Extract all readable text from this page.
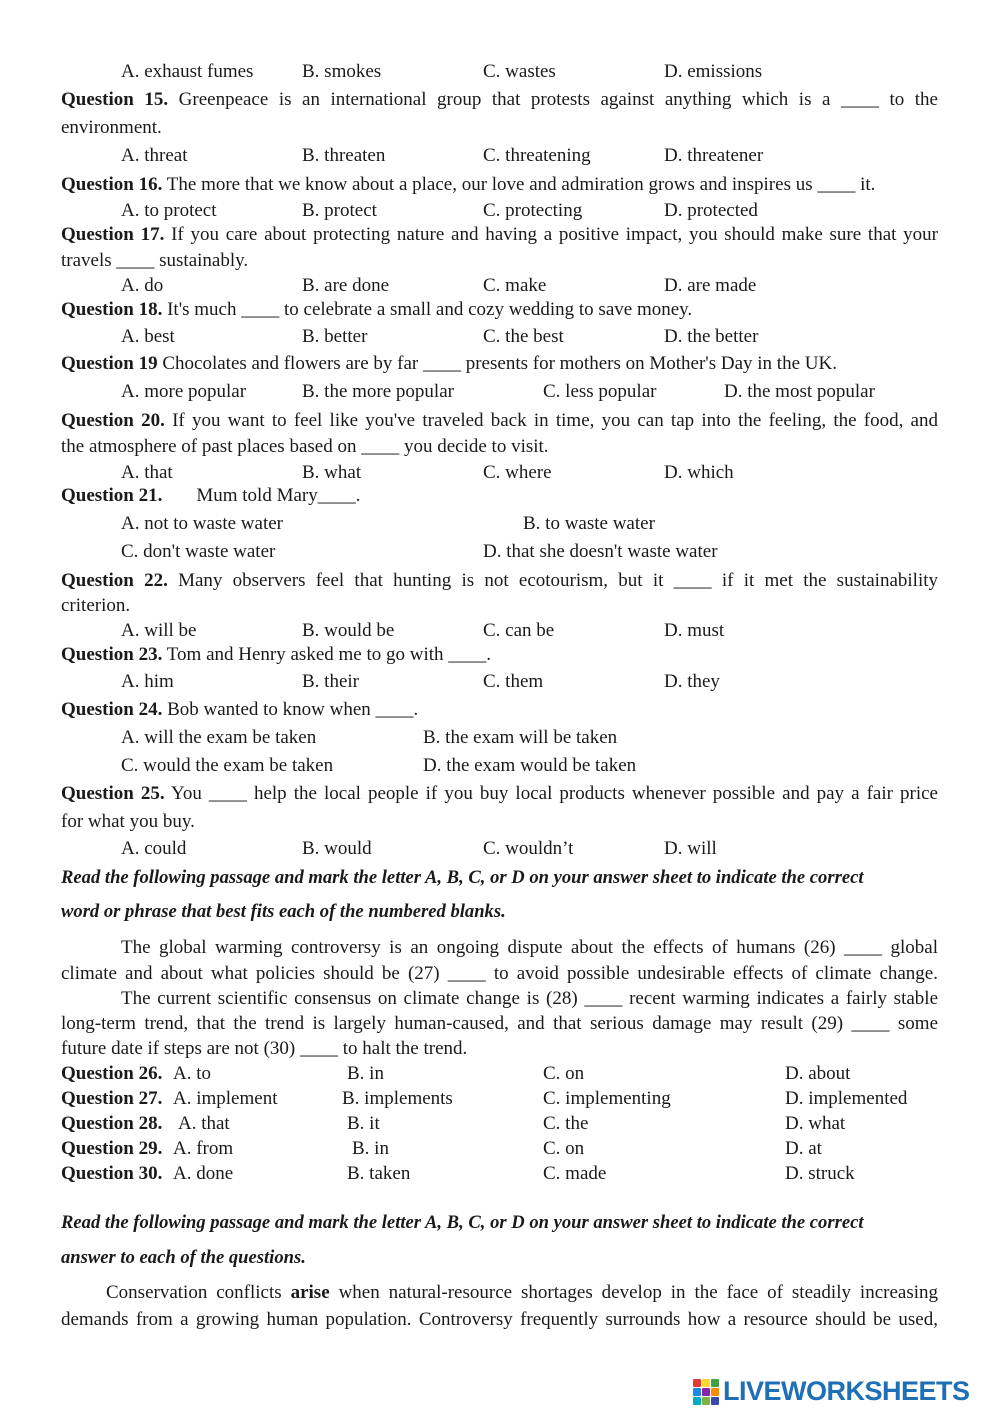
A. exhaust fumes	B. smokes	C. wastes	D. emissions
Question 15. Greenpeace is an international group that protests against anything which is a ____ to the
environment.
A. threat	B. threaten	C. threatening	D. threatener
Question 16. The more that we know about a place, our love and admiration grows and inspires us ____ it.
A. to protect	B. protect	C. protecting	D. protected
Question 17. If you care about protecting nature and having a positive impact, you should make sure that your
travels ____ sustainably.
A. do	B. are done	C. make	D. are made
Question 18. It's much ____ to celebrate a small and cozy wedding to save money.
A. best	B. better	C. the best	D. the better
Question 19 Chocolates and flowers are by far ____ presents for mothers on Mother's Day in the UK.
A. more popular	B. the more popular	C. less popular	D. the most popular
Question 20. If you want to feel like you've traveled back in time, you can tap into the feeling, the food, and
the atmosphere of past places based on ____ you decide to visit.
A. that	B. what	C. where	D. which
Question 21. Mum told Mary____.
A. not to waste water	B. to waste water
C. don't waste water	D. that she doesn't waste water
Question 22. Many observers feel that hunting is not ecotourism, but it ____ if it met the sustainability
criterion.
A. will be	B. would be	C. can be	D. must
Question 23. Tom and Henry asked me to go with ____.
A. him	B. their	C. them	D. they
Question 24. Bob wanted to know when ____.
A. will the exam be taken	B. the exam will be taken
C. would the exam be taken	D. the exam would be taken
Question 25. You ____ help the local people if you buy local products whenever possible and pay a fair price
for what you buy.
A. could	B. would	C. wouldn’t	D. will
Read the following passage and mark the letter A, B, C, or D on your answer sheet to indicate the correct
word or phrase that best fits each of the numbered blanks.
The global warming controversy is an ongoing dispute about the effects of humans (26) ____ global
climate and about what policies should be (27) ____ to avoid possible undesirable effects of climate change.
The current scientific consensus on climate change is (28) ____ recent warming indicates a fairly stable
long-term trend, that the trend is largely human-caused, and that serious damage may result (29) ____ some
future date if steps are not (30) ____ to halt the trend.
Question 26. A. to	B. in	C. on	D. about
Question 27. A. implement	B. implements	C. implementing	D. implemented
Question 28. A. that	B. it	C. the	D. what
Question 29. A. from	B. in	C. on	D. at
Question 30. A. done	B. taken	C. made	D. struck
Read the following passage and mark the letter A, B, C, or D on your answer sheet to indicate the correct
answer to each of the questions.
Conservation conflicts arise when natural-resource shortages develop in the face of steadily increasing
demands from a growing human population. Controversy frequently surrounds how a resource should be used,
LIVEWORKSHEETS
